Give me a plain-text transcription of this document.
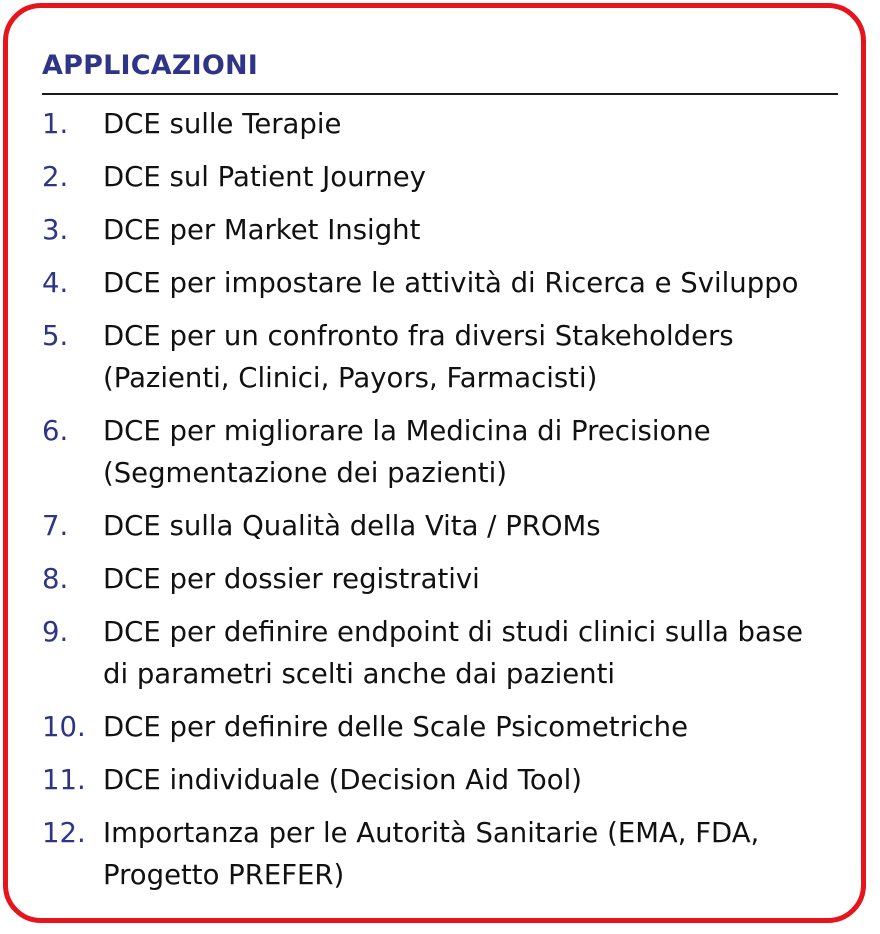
APPLICAZIONI
1. DCE sulle Terapie
2. DCE sul Patient Journey
3. DCE per Market Insight
4. DCE per impostare le attività di Ricerca e Sviluppo
5. DCE per un confronto fra diversi Stakeholders
(Pazienti, Clinici, Payors, Farmacisti)
6. DCE per migliorare la Medicina di Precisione
(Segmentazione dei pazienti)
7. DCE sulla Qualità della Vita / PROMs
8. DCE per dossier registrativi
9. DCE per definire endpoint di studi clinici sulla base
di parametri scelti anche dai pazienti
10. DCE per definire delle Scale Psicometriche
11. DCE individuale (Decision Aid Tool)
12. Importanza per le Autorità Sanitarie (EMA, FDA,
Progetto PREFER)
